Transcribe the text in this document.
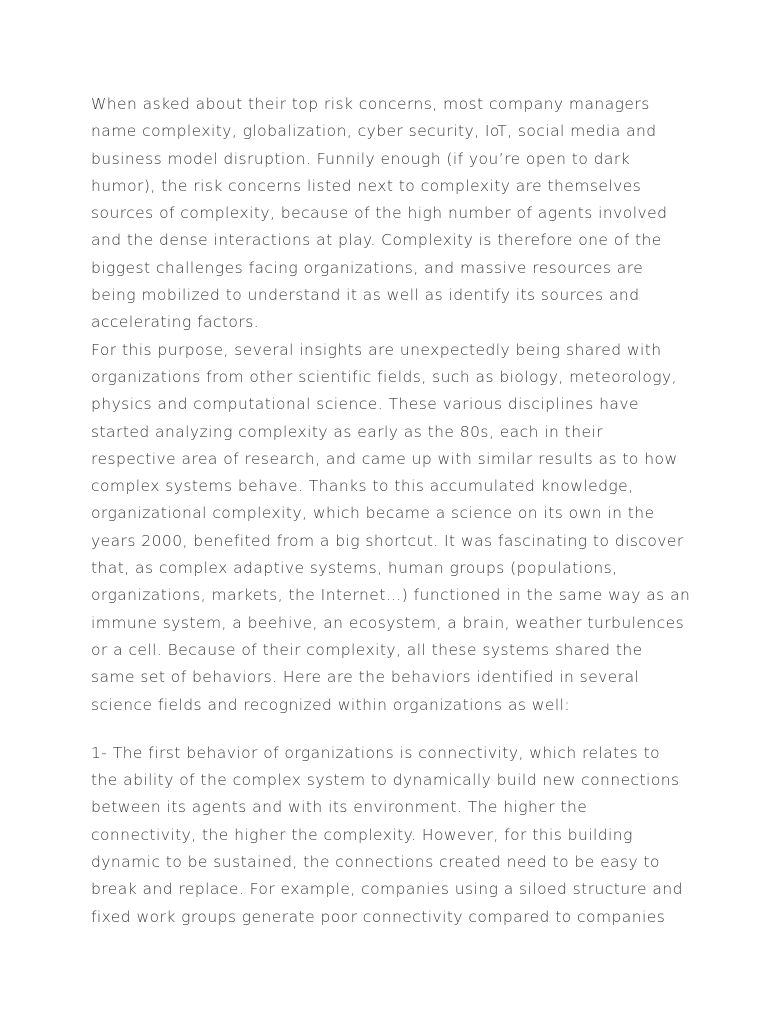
When asked about their top risk concerns, most company managers
name complexity, globalization, cyber security, IoT, social media and
business model disruption. Funnily enough (if you’re open to dark
humor), the risk concerns listed next to complexity are themselves
sources of complexity, because of the high number of agents involved
and the dense interactions at play. Complexity is therefore one of the
biggest challenges facing organizations, and massive resources are
being mobilized to understand it as well as identify its sources and
accelerating factors.

For this purpose, several insights are unexpectedly being shared with
organizations from other scientific fields, such as biology, meteorology,
physics and computational science. These various disciplines have
started analyzing complexity as early as the 80s, each in their
respective area of research, and came up with similar results as to how
complex systems behave. Thanks to this accumulated knowledge,
organizational complexity, which became a science on its own in the
years 2000, benefited from a big shortcut. It was fascinating to discover
that, as complex adaptive systems, human groups (populations,
organizations, markets, the Internet…) functioned in the same way as an
immune system, a beehive, an ecosystem, a brain, weather turbulences
or a cell. Because of their complexity, all these systems shared the
same set of behaviors. Here are the behaviors identified in several
science fields and recognized within organizations as well:

1- The first behavior of organizations is connectivity, which relates to
the ability of the complex system to dynamically build new connections
between its agents and with its environment. The higher the
connectivity, the higher the complexity. However, for this building
dynamic to be sustained, the connections created need to be easy to
break and replace. For example, companies using a siloed structure and
fixed work groups generate poor connectivity compared to companies
